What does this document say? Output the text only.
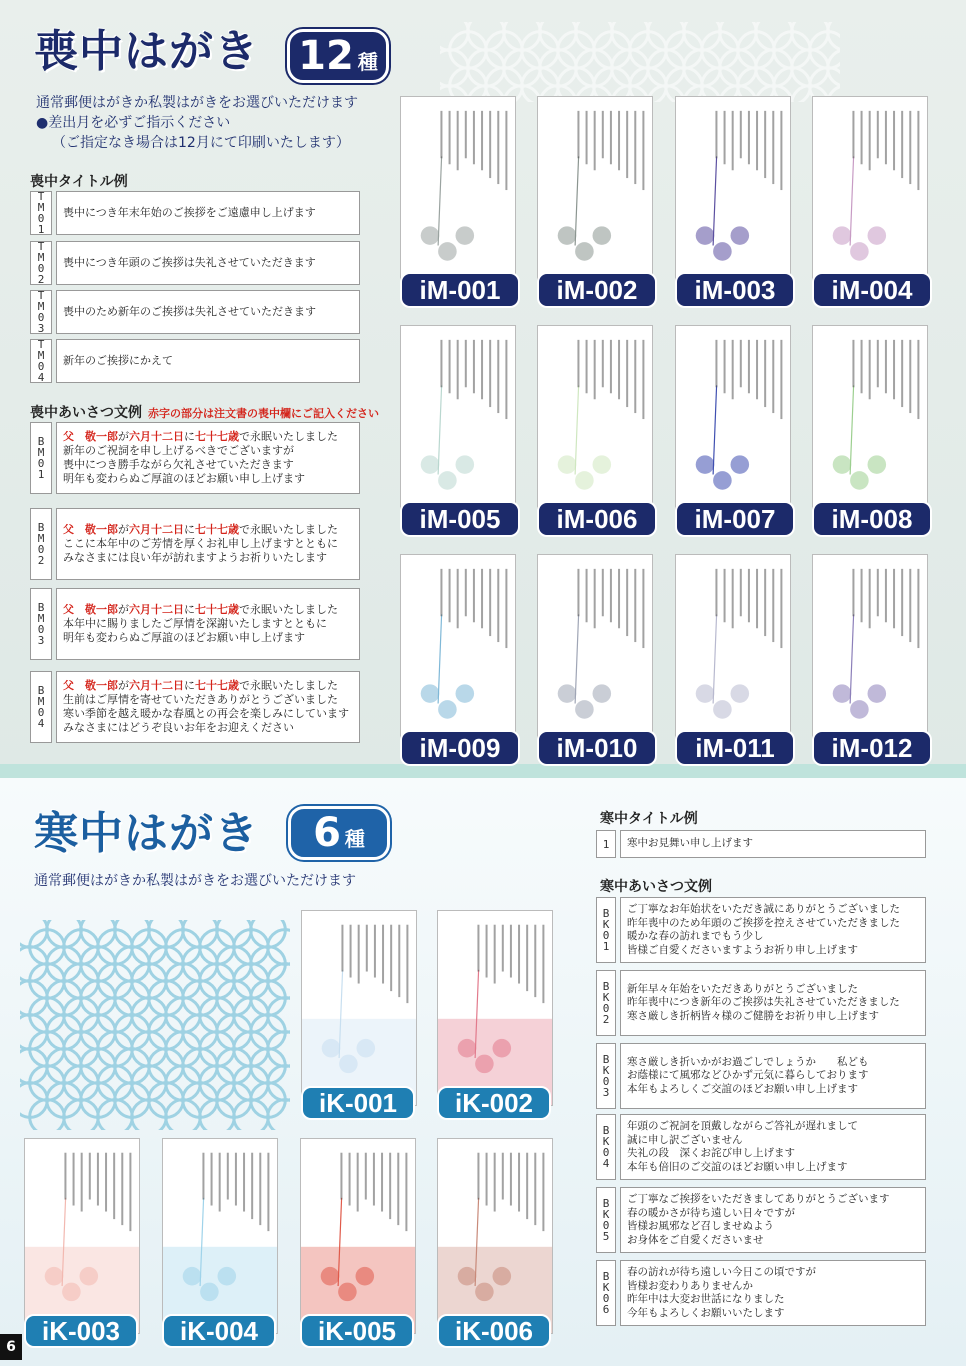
喪中はがき 12 種
通常郵便はがきか私製はがきをお選びいただけます
●差出月を必ずご指示ください
（ご指定なき場合は12月にて印刷いたします）
喪中タイトル例
T
M
0
1
喪中につき年末年始のご挨拶をご遠慮申し上げます
T
M
0
2
喪中につき年頭のご挨拶は失礼させていただきます
T
M
0
3
喪中のため新年のご挨拶は失礼させていただきます
T
M
0
4
新年のご挨拶にかえて
喪中あいさつ文例 赤字の部分は注文書の喪中欄にご記入ください
B
M
0
1
父　敬一郎が六月十二日に七十七歳で永眠いたしました
新年のご祝詞を申し上げるべきでございますが
喪中につき勝手ながら欠礼させていただきます
明年も変わらぬご厚誼のほどお願い申し上げます
B
M
0
2
父　敬一郎が六月十二日に七十七歳で永眠いたしました
ここに本年中のご芳情を厚くお礼申し上げますとともに
みなさまには良い年が訪れますようお祈りいたします
B
M
0
3
父　敬一郎が六月十二日に七十七歳で永眠いたしました
本年中に賜りましたご厚情を深謝いたしますとともに
明年も変わらぬご厚誼のほどお願い申し上げます
B
M
0
4
父　敬一郎が六月十二日に七十七歳で永眠いたしました
生前はご厚情を寄せていただきありがとうございました
寒い季節を越え暖かな春風との再会を楽しみにしています
みなさまにはどうぞ良いお年をお迎えください
iM-001	iM-002	iM-003	iM-004
iM-005	iM-006	iM-007	iM-008
iM-009	iM-010	iM-011	iM-012
寒中はがき 6 種
通常郵便はがきか私製はがきをお選びいただけます
寒中タイトル例
1	寒中お見舞い申し上げます
寒中あいさつ文例
B
K
0
1
ご丁寧なお年始状をいただき誠にありがとうございました
昨年喪中のため年頭のご挨拶を控えさせていただきました
暖かな春の訪れまでもう少し
皆様ご自愛くださいますようお祈り申し上げます
B
K
0
2
新年早々年始をいただきありがとうございました
昨年喪中につき新年のご挨拶は失礼させていただきました
寒さ厳しき折柄皆々様のご健勝をお祈り申し上げます
B
K
0
3
寒さ厳しき折いかがお過ごしでしょうか　　私ども
お蔭様にて風邪などひかず元気に暮らしております
本年もよろしくご交誼のほどお願い申し上げます
B
K
0
4
年頭のご祝詞を頂戴しながらご答礼が遅れまして
誠に申し訳ございません
失礼の段　深くお詫び申し上げます
本年も倍旧のご交誼のほどお願い申し上げます
B
K
0
5
ご丁寧なご挨拶をいただきましてありがとうございます
春の暖かさが待ち遠しい日々ですが
皆様お風邪など召しませぬよう
お身体をご自愛くださいませ
B
K
0
6
春の訪れが待ち遠しい今日この頃ですが
皆様お変わりありませんか
昨年中は大変お世話になりました
今年もよろしくお願いいたします
iK-001	iK-002
iK-003	iK-004	iK-005	iK-006
6
